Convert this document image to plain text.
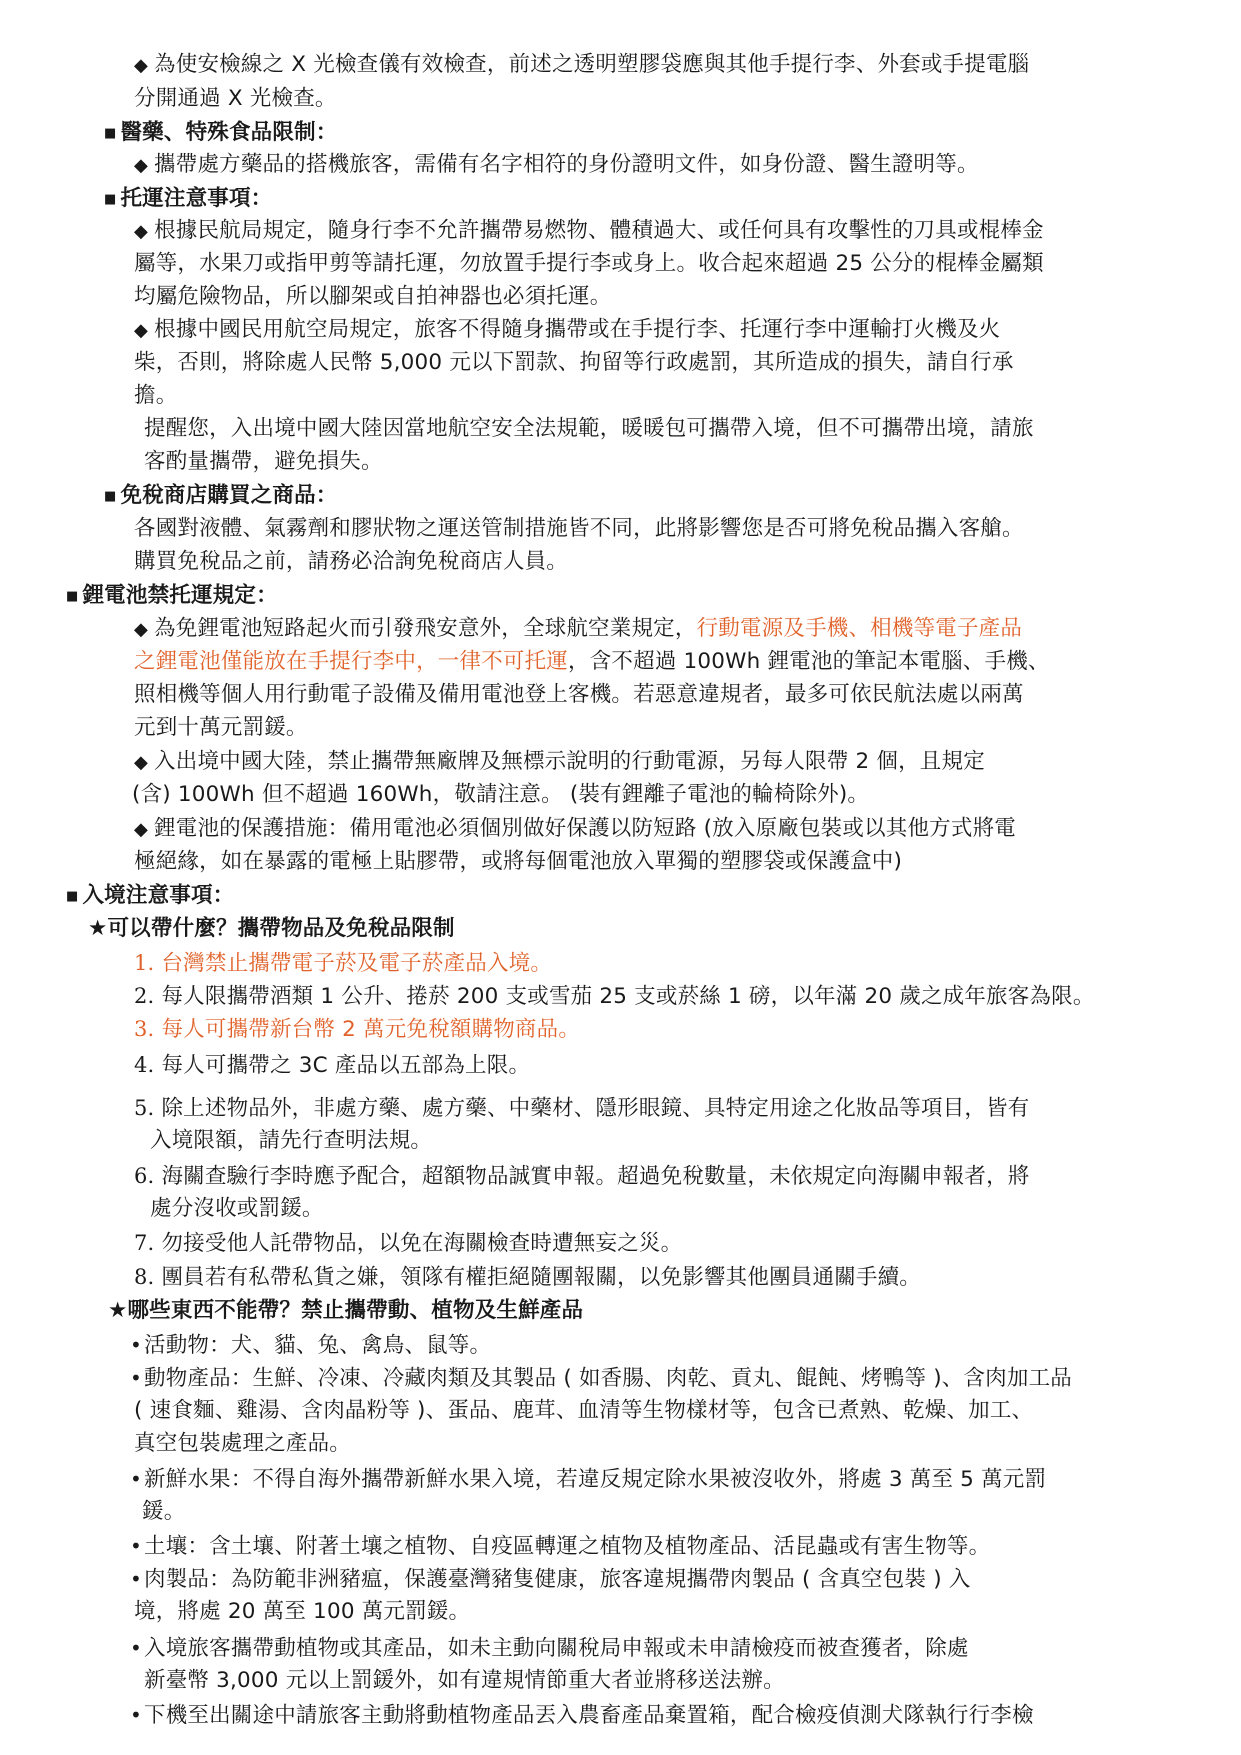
◆ 為使安檢線之 X 光檢查儀有效檢查，前述之透明塑膠袋應與其他手提行李、外套或手提電腦
分開通過 X 光檢查。
■ 醫藥、特殊食品限制：
◆ 攜帶處方藥品的搭機旅客，需備有名字相符的身份證明文件，如身份證、醫生證明等。
■ 托運注意事項：
◆ 根據民航局規定，隨身行李不允許攜帶易燃物、體積過大、或任何具有攻擊性的刀具或棍棒金
屬等，水果刀或指甲剪等請托運，勿放置手提行李或身上。收合起來超過 25 公分的棍棒金屬類
均屬危險物品，所以腳架或自拍神器也必須托運。
◆ 根據中國民用航空局規定，旅客不得隨身攜帶或在手提行李、托運行李中運輸打火機及火
柴，否則，將除處人民幣 5,000 元以下罰款、拘留等行政處罰，其所造成的損失，請自行承
擔。
提醒您，入出境中國大陸因當地航空安全法規範，暖暖包可攜帶入境，但不可攜帶出境，請旅
客酌量攜帶，避免損失。
■ 免稅商店購買之商品：
各國對液體、氣霧劑和膠狀物之運送管制措施皆不同，此將影響您是否可將免稅品攜入客艙。
購買免稅品之前，請務必洽詢免稅商店人員。
■ 鋰電池禁托運規定：
◆ 為免鋰電池短路起火而引發飛安意外，全球航空業規定，行動電源及手機、相機等電子產品
之鋰電池僅能放在手提行李中，一律不可托運，含不超過 100Wh 鋰電池的筆記本電腦、手機、
照相機等個人用行動電子設備及備用電池登上客機。若惡意違規者，最多可依民航法處以兩萬
元到十萬元罰鍰。
◆ 入出境中國大陸，禁止攜帶無廠牌及無標示說明的行動電源，另每人限帶 2 個，且規定
(含) 100Wh 但不超過 160Wh，敬請注意。 (裝有鋰離子電池的輪椅除外)。
◆ 鋰電池的保護措施：備用電池必須個別做好保護以防短路 (放入原廠包裝或以其他方式將電
極絕緣，如在暴露的電極上貼膠帶，或將每個電池放入單獨的塑膠袋或保護盒中)
■ 入境注意事項：
★可以帶什麼？攜帶物品及免稅品限制
1. 台灣禁止攜帶電子菸及電子菸產品入境。
2. 每人限攜帶酒類 1 公升、捲菸 200 支或雪茄 25 支或菸絲 1 磅，以年滿 20 歲之成年旅客為限。
3. 每人可攜帶新台幣 2 萬元免稅額購物商品。
4. 每人可攜帶之 3C 產品以五部為上限。
5. 除上述物品外，非處方藥、處方藥、中藥材、隱形眼鏡、具特定用途之化妝品等項目，皆有
入境限額，請先行查明法規。
6. 海關查驗行李時應予配合，超額物品誠實申報。超過免稅數量，未依規定向海關申報者，將
處分沒收或罰鍰。
7. 勿接受他人託帶物品，以免在海關檢查時遭無妄之災。
8. 團員若有私帶私貨之嫌，領隊有權拒絕隨團報關，以免影響其他團員通關手續。
★哪些東西不能帶？禁止攜帶動、植物及生鮮產品
•活動物：犬、貓、兔、禽鳥、鼠等。
•動物產品：生鮮、冷凍、冷藏肉類及其製品 ( 如香腸、肉乾、貢丸、餛飩、烤鴨等 )、含肉加工品
( 速食麵、雞湯、含肉晶粉等 )、蛋品、鹿茸、血清等生物樣材等，包含已煮熟、乾燥、加工、
真空包裝處理之產品。
•新鮮水果：不得自海外攜帶新鮮水果入境，若違反規定除水果被沒收外，將處 3 萬至 5 萬元罰
鍰。
•土壤：含土壤、附著土壤之植物、自疫區轉運之植物及植物產品、活昆蟲或有害生物等。
•肉製品：為防範非洲豬瘟，保護臺灣豬隻健康，旅客違規攜帶肉製品 ( 含真空包裝 ) 入
境，將處 20 萬至 100 萬元罰鍰。
•入境旅客攜帶動植物或其產品，如未主動向關稅局申報或未申請檢疫而被查獲者，除處
新臺幣 3,000 元以上罰鍰外，如有違規情節重大者並將移送法辦。
•下機至出關途中請旅客主動將動植物產品丟入農畜產品棄置箱，配合檢疫偵測犬隊執行行李檢
